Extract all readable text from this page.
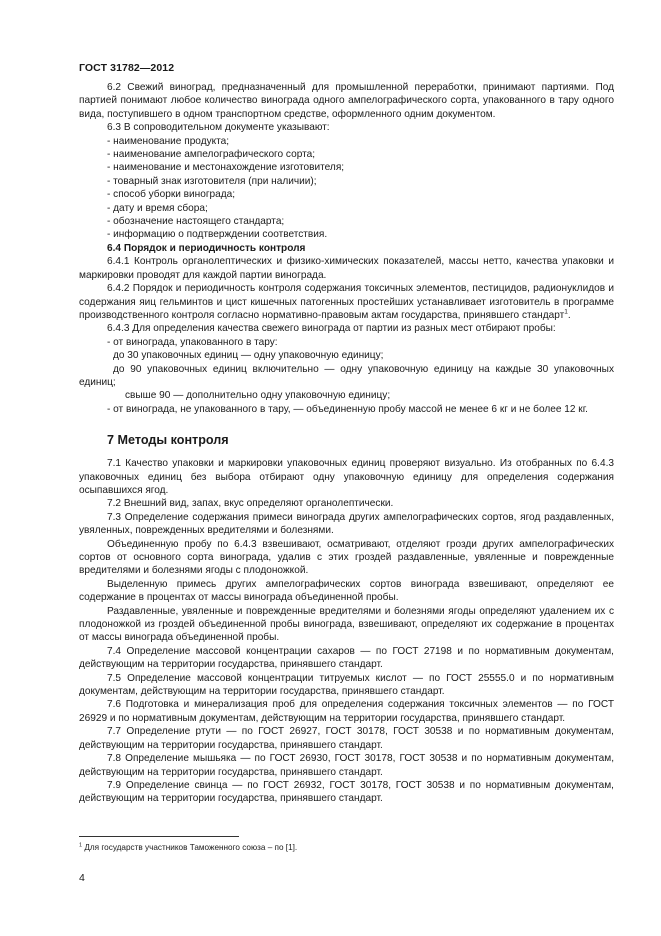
ГОСТ 31782—2012

6.2 Свежий виноград, предназначенный для промышленной переработки, принимают партиями. Под партией понимают любое количество винограда одного ампелографического сорта, упакованного в тару одного вида, поступившего в одном транспортном средстве, оформленного одним документом.

6.3 В сопроводительном документе указывают:

- наименование продукта;

- наименование ампелографического сорта;

- наименование и местонахождение изготовителя;

- товарный знак изготовителя (при наличии);

- способ уборки винограда;

- дату и время сбора;

- обозначение настоящего стандарта;

- информацию о подтверждении соответствия.

6.4 Порядок и периодичность контроля

6.4.1 Контроль органолептических и физико-химических показателей, массы нетто, качества упаковки и маркировки проводят для каждой партии винограда.

6.4.2 Порядок и периодичность контроля содержания токсичных элементов, пестицидов, радионуклидов и содержания яиц гельминтов и цист кишечных патогенных простейших устанавливает изготовитель в программе производственного контроля согласно нормативно-правовым актам государства, принявшего стандарт$^1$.

6.4.3 Для определения качества свежего винограда от партии из разных мест отбирают пробы:

- от винограда, упакованного в тару:

до 30 упаковочных единиц — одну упаковочную единицу;

до 90 упаковочных единиц включительно — одну упаковочную единицу на каждые 30 упаковочных единиц;

свыше 90 — дополнительно одну упаковочную единицу;

- от винограда, не упакованного в тару, — объединенную пробу массой не менее 6 кг и не более 12 кг.

7 Методы контроля

7.1 Качество упаковки и маркировки упаковочных единиц проверяют визуально. Из отобранных по 6.4.3 упаковочных единиц без выбора отбирают одну упаковочную единицу для определения содержания осыпавшихся ягод.

7.2 Внешний вид, запах, вкус определяют органолептически.

7.3 Определение содержания примеси винограда других ампелографических сортов, ягод раздавленных, увяленных, поврежденных вредителями и болезнями.

Объединенную пробу по 6.4.3 взвешивают, осматривают, отделяют грозди других ампелографических сортов от основного сорта винограда, удалив с этих гроздей раздавленные, увяленные и поврежденные вредителями и болезнями ягоды с плодоножкой.

Выделенную примесь других ампелографических сортов винограда взвешивают, определяют ее содержание в процентах от массы винограда объединенной пробы.

Раздавленные, увяленные и поврежденные вредителями и болезнями ягоды определяют удалением их с плодоножкой из гроздей объединенной пробы винограда, взвешивают, определяют их содержание в процентах от массы винограда объединенной пробы.

7.4 Определение массовой концентрации сахаров — по ГОСТ 27198 и по нормативным документам, действующим на территории государства, принявшего стандарт.

7.5 Определение массовой концентрации титруемых кислот — по ГОСТ 25555.0 и по нормативным документам, действующим на территории государства, принявшего стандарт.

7.6 Подготовка и минерализация проб для определения содержания токсичных элементов — по ГОСТ 26929 и по нормативным документам, действующим на территории государства, принявшего стандарт.

7.7 Определение ртути — по ГОСТ 26927, ГОСТ 30178, ГОСТ 30538 и по нормативным документам, действующим на территории государства, принявшего стандарт.

7.8 Определение мышьяка — по ГОСТ 26930, ГОСТ 30178, ГОСТ 30538 и по нормативным документам, действующим на территории государства, принявшего стандарт.

7.9 Определение свинца — по ГОСТ 26932, ГОСТ 30178, ГОСТ 30538 и по нормативным документам, действующим на территории государства, принявшего стандарт.

$^1$ Для государств участников Таможенного союза – по [1].
4
